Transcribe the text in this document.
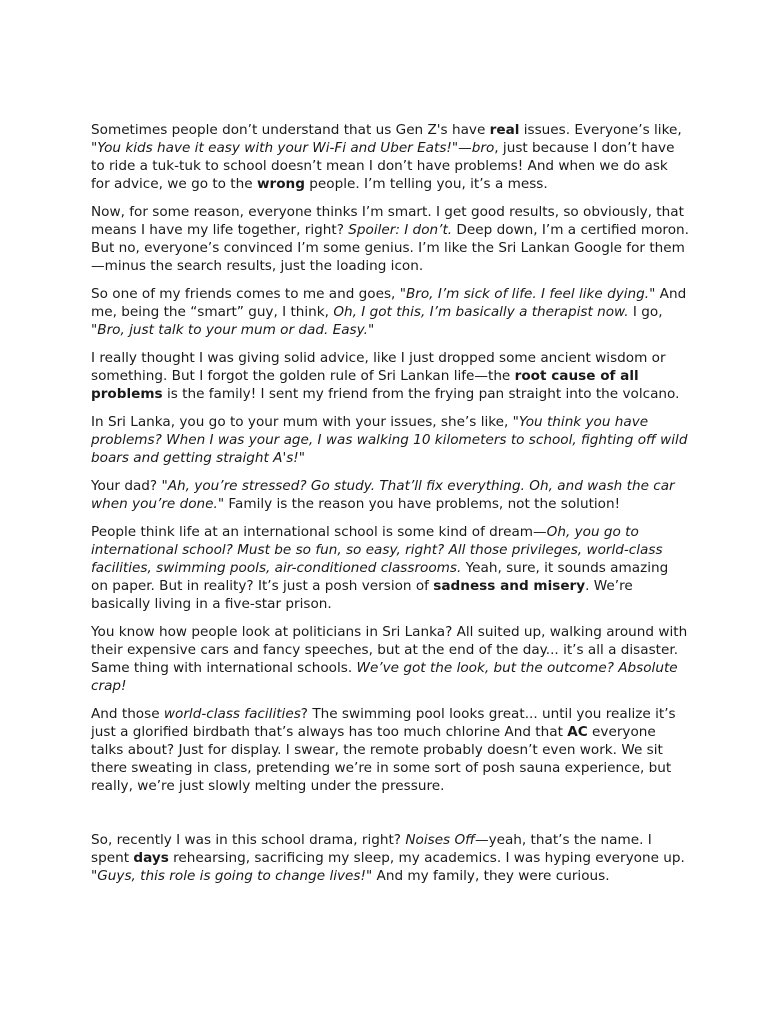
Sometimes people don’t understand that us Gen Z's have real issues. Everyone’s like, "You kids have it easy with your Wi-Fi and Uber Eats!"—bro, just because I don’t have to ride a tuk-tuk to school doesn’t mean I don’t have problems! And when we do ask for advice, we go to the wrong people. I’m telling you, it’s a mess.

Now, for some reason, everyone thinks I’m smart. I get good results, so obviously, that means I have my life together, right? Spoiler: I don’t. Deep down, I’m a certified moron. But no, everyone’s convinced I’m some genius. I’m like the Sri Lankan Google for them—minus the search results, just the loading icon.

So one of my friends comes to me and goes, "Bro, I’m sick of life. I feel like dying." And me, being the “smart” guy, I think, Oh, I got this, I’m basically a therapist now. I go, "Bro, just talk to your mum or dad. Easy."

I really thought I was giving solid advice, like I just dropped some ancient wisdom or something. But I forgot the golden rule of Sri Lankan life—the root cause of all problems is the family! I sent my friend from the frying pan straight into the volcano.

In Sri Lanka, you go to your mum with your issues, she’s like, "You think you have problems? When I was your age, I was walking 10 kilometers to school, fighting off wild boars and getting straight A's!"

Your dad? "Ah, you’re stressed? Go study. That’ll fix everything. Oh, and wash the car when you’re done." Family is the reason you have problems, not the solution!

People think life at an international school is some kind of dream—Oh, you go to international school? Must be so fun, so easy, right? All those privileges, world-class facilities, swimming pools, air-conditioned classrooms. Yeah, sure, it sounds amazing on paper. But in reality? It’s just a posh version of sadness and misery. We’re basically living in a five-star prison.

You know how people look at politicians in Sri Lanka? All suited up, walking around with their expensive cars and fancy speeches, but at the end of the day... it’s all a disaster. Same thing with international schools. We’ve got the look, but the outcome? Absolute crap!

And those world-class facilities? The swimming pool looks great... until you realize it’s just a glorified birdbath that’s always has too much chlorine And that AC everyone talks about? Just for display. I swear, the remote probably doesn’t even work. We sit there sweating in class, pretending we’re in some sort of posh sauna experience, but really, we’re just slowly melting under the pressure.

So, recently I was in this school drama, right? Noises Off—yeah, that’s the name. I spent days rehearsing, sacrificing my sleep, my academics. I was hyping everyone up. "Guys, this role is going to change lives!" And my family, they were curious.
